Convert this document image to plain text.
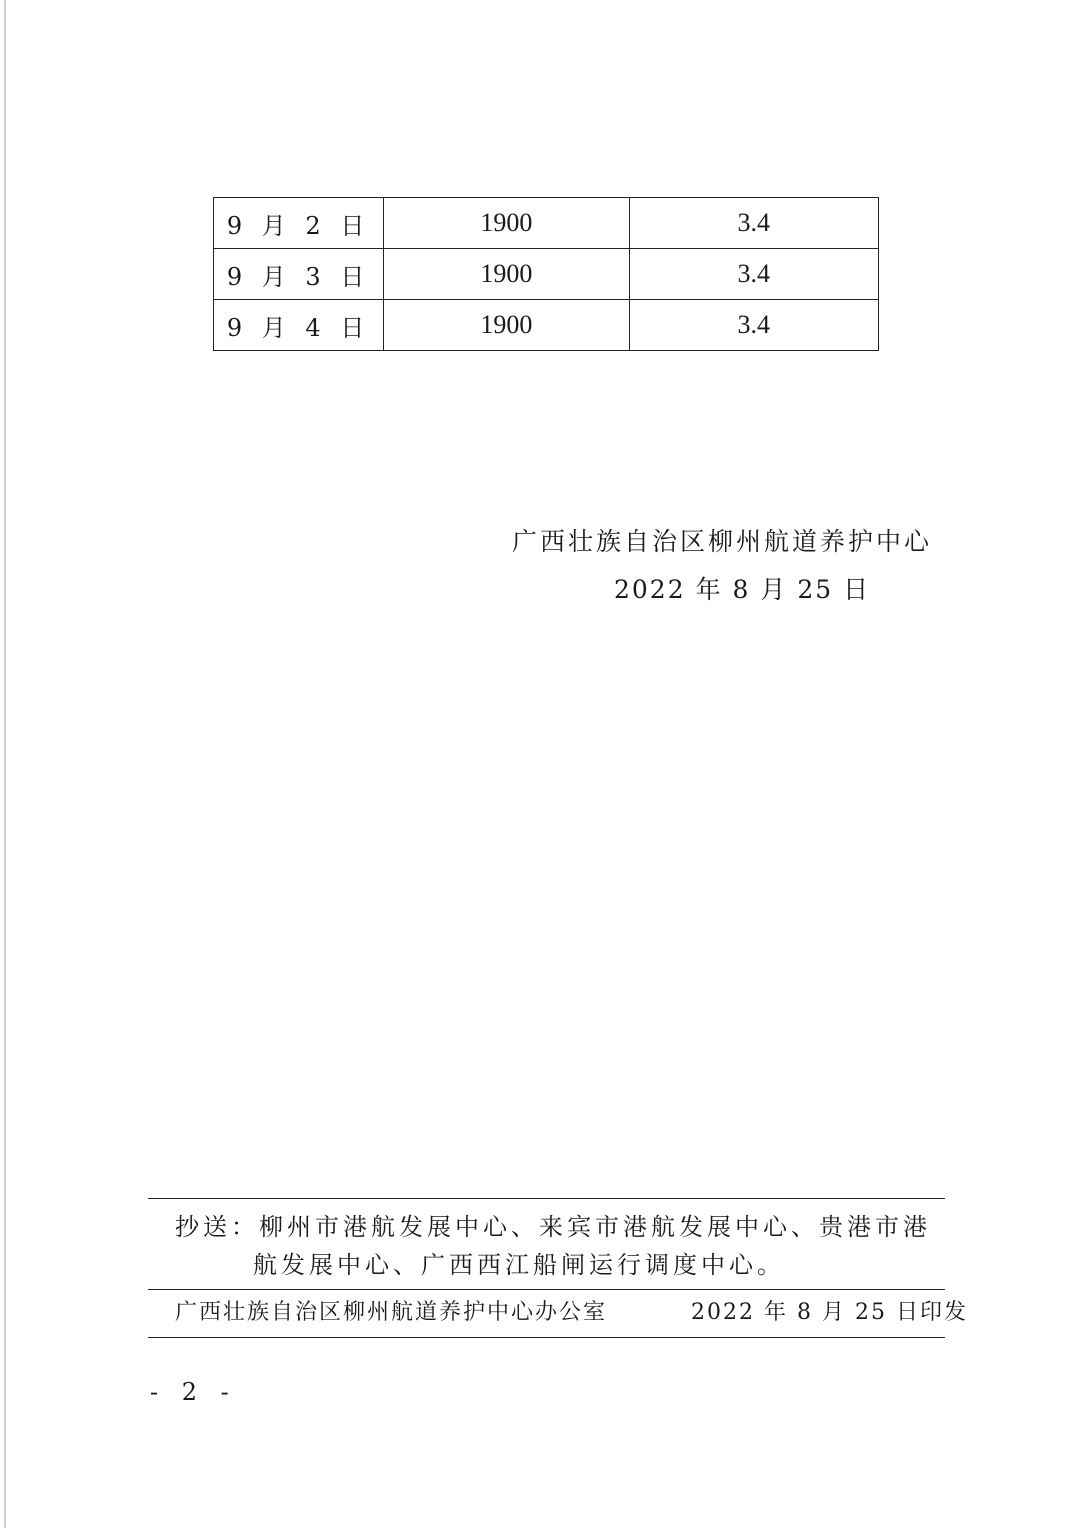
9 月 2 日	1900	3.4
9 月 3 日	1900	3.4
9 月 4 日	1900	3.4
广西壮族自治区柳州航道养护中心
2022 年 8 月 25 日
抄送：柳州市港航发展中心、来宾市港航发展中心、贵港市港
航发展中心、广西西江船闸运行调度中心。
广西壮族自治区柳州航道养护中心办公室	2022 年 8 月 25 日印发
- 2 -
